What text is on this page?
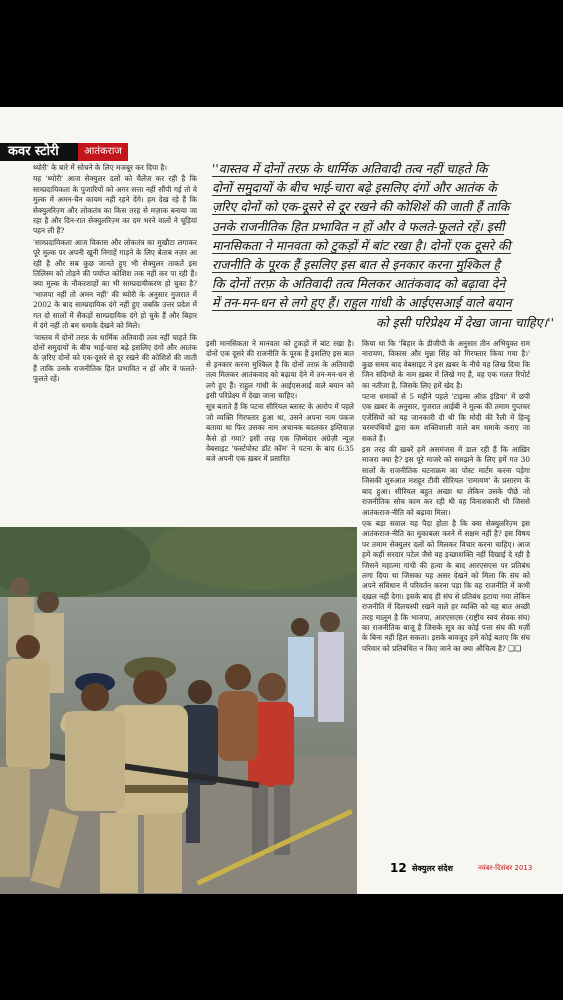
कवर स्टोरी	आतंकराज

थ्योरी' के बारे में सोचने के लिए मजबूर कर दिया है।

यह 'थ्योरी' आज सेक्युलर दलों को चैलेंज कर रही है कि साम्प्रदायिकता के पुजारियों को अगर सत्ता नहीं सौंपी गई तो वे मुल्क में अमन-चैन कायम नहीं रहने देंगे। हम देख रहे हैं कि सेक्युलरिज़्म और लोकतंत्र का किस तरह से मज़ाक बनाया जा रहा है और दिन-रात सेक्युलरिज़्म का दम भरने वालों ने चूड़ियां पहन ली हैं?

'साम्प्रदायिकता आज विकास और लोकतंत्र का मुखौटा लगाकर पूरे मुल्क पर अपनी खूनी निगाहें गाड़ने के लिए बेताब नज़र आ रही है और सब कुछ जानते हुए भी सेक्युलर ताकतें इस तिलिस्म को तोड़ने की पर्याप्त कोशिश तक नहीं कर पा रही हैं। क्या मुल्क के नौकरशाहों का भी साम्प्रदायीकरण हो चुका है? 'भाजपा नहीं तो अमन नहीं' की थ्योरी के अनुसार गुजरात में 2002 के बाद साम्प्रदायिक दंगे नहीं हुए जबकि उत्तर प्रदेश में गत दो सालों में सैकड़ों साम्प्रदायिक दंगे हो चुके हैं और बिहार में दंगे नहीं तो बम धमाके देखने को मिले।

'वास्तव में दोनों तरफ़ के धार्मिक अतिवादी तत्व नहीं चाहते कि दोनों समुदायों के बीच भाई-चारा बढ़े इसलिए दंगों और आतंक के ज़रिए दोनों को एक-दूसरे से दूर रखने की कोशिशें की जाती हैं ताकि उनके राजनीतिक हित प्रभावित न हों और वे फलते-फूलते रहें।

''वास्तव में दोनों तरफ़ के धार्मिक अतिवादी तत्व नहीं चाहते कि
दोनों समुदायों के बीच भाई-चारा बढ़े इसलिए दंगों और आतंक के
ज़रिए दोनों को एक-दूसरे से दूर रखने की कोशिशें की जाती हैं ताकि
उनके राजनीतिक हित प्रभावित न हों और वे फलते-फूलते रहें। इसी
मानसिकता ने मानवता को टुकड़ों में बांट रखा है। दोनों एक दूसरे की
राजनीति के पूरक हैं इसलिए इस बात से इनकार करना मुश्किल है
कि दोनों तरफ़ के अतिवादी तत्व मिलकर आतंकवाद को बढ़ावा देने
में तन-मन-धन से लगे हुए हैं। राहुल गांधी के आईएसआई वाले बयान

को इसी परिप्रेक्ष्य में देखा जाना चाहिए।''

इसी मानसिकता ने मानवता को टुकड़ों में बांट रखा है। दोनों एक दूसरे की राजनीति के पूरक हैं इसलिए इस बात से इनकार करना मुश्किल है कि दोनों तरफ़ के अतिवादी तत्व मिलकर आतंकवाद को बढ़ावा देने में तन-मन-धन से लगे हुए हैं। राहुल गांधी के आईएसआई वाले बयान को इसी परिप्रेक्ष्य में देखा जाना चाहिए।

सूत्र बताते हैं कि पटना सीरियल ब्लास्ट के आरोप में पहले जो व्यक्ति गिरफ्तार हुआ था, उसने अपना नाम पंकज बताया था फिर उसका नाम अचानक बदलकर इम्तियाज़ कैसे हो गया? इसी तरह एक ज़िम्मेदार अंग्रेज़ी न्यूज़ वेबसाइट 'फर्स्टपोस्ट डॉट कॉम' ने पटना के बाद 6:35 बजे अपनी एक ख़बर में प्रसारित

किया था कि 'बिहार के डीजीपी के अनुसार तीन अभियुक्त राम नारायण, विकास और मुन्ना सिंह को गिरफ्तार किया गया है।' कुछ समय बाद वेबसाइट ने इस ख़बर के नीचे यह लिख दिया कि जिन संदिग्धों के नाम ख़बर में लिखे गए हैं, वह एक गलत रिपोर्ट का नतीजा है, जिसके लिए हमें खेद है।

पटना धमाकों से 5 महीने पहले 'टाइम्स ऑफ़ इंडिया' में छपी एक ख़बर के अनुसार, गुजरात आईबी ने मुल्क की तमाम गुप्तचर एजेंसियों को यह जानकारी दी थी कि मोदी की रैली में हिन्दू चरमपंथियों द्वारा कम शक्तिशाली वाले बम धमाके कराए जा सकते हैं।

इस तरह की ख़बरें हमें असमंजस में डाल रही हैं कि आख़िर माजरा क्या है? इस पूरे माजरे को समझने के लिए हमें गत 30 सालों के राजनीतिक घटनाक्रम का पोस्ट मार्टम करना पड़ेगा जिसकी शुरुआत मशहूर टीवी सीरियल 'रामायण' के प्रसारण के बाद हुआ। सीरियल बहुत अच्छा था लेकिन उसके पीछे जो राजनीतिक सोच काम कर रही थी वह विनाशकारी थी जिससे आतंकराज-नीति को बढ़ावा मिला।

एक बड़ा सवाल यह पैदा होता है कि क्या सेक्युलरिज़्म इस आतंकराज-नीति का मुकाबला करने में सक्षम नहीं है? इस विषय पर तमाम सेक्युलर दलों को मिलकर विचार करना चाहिए। आज हमें कहीं सरदार पटेल जैसे वह इच्छाशक्ति नहीं दिखाई दे रही है जिसने महात्मा गांधी की हत्या के बाद आरएसएस पर प्रतिबंध लगा दिया था जिसका यह असर देखने को मिला कि संघ को अपने संविधान में परिवर्तन करना पड़ा कि वह राजनीति में कभी दख़ल नहीं देगा। इसके बाद ही संघ से प्रतिबंध हटाया गया लेकिन राजनीति में दिलचस्पी रखने वाले हर व्यक्ति को यह बात अच्छी तरह मालूम है कि भाजपा, आरएसएस (राष्ट्रीय स्वयं सेवक संघ) का राजनीतिक बाजू है जिसके सूत्र का कोई पत्ता संघ की मर्ज़ी के बिना नहीं हिल सकता। इसके बावजूद हमें कोई बताए कि संघ परिवार को प्रतिबंधित न किए जाने का क्या औचित्य है? ❑❑

12 सेक्युलर संदेश	नवंबर-दिसंबर 2013
